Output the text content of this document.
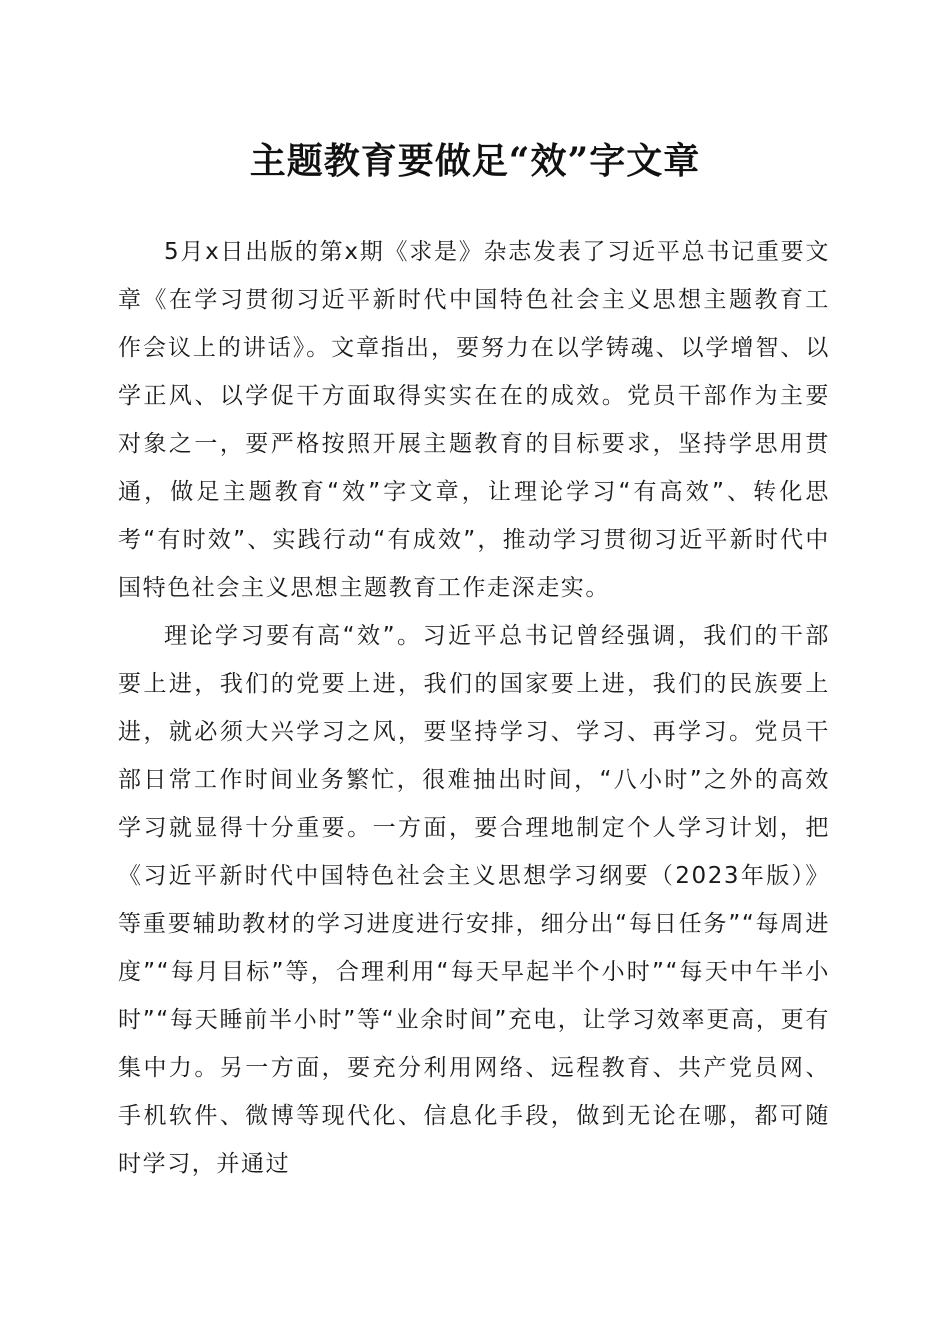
主题教育要做足“效”字文章

5月x日出版的第x期《求是》杂志发表了习近平总书记重要文章《在学习贯彻习近平新时代中国特色社会主义思想主题教育工作会议上的讲话》。文章指出，要努力在以学铸魂、以学增智、以学正风、以学促干方面取得实实在在的成效。党员干部作为主要对象之一，要严格按照开展主题教育的目标要求，坚持学思用贯通，做足主题教育“效”字文章，让理论学习“有高效”、转化思考“有时效”、实践行动“有成效”，推动学习贯彻习近平新时代中国特色社会主义思想主题教育工作走深走实。

理论学习要有高“效”。习近平总书记曾经强调，我们的干部要上进，我们的党要上进，我们的国家要上进，我们的民族要上进，就必须大兴学习之风，要坚持学习、学习、再学习。党员干部日常工作时间业务繁忙，很难抽出时间，“八小时”之外的高效学习就显得十分重要。一方面，要合理地制定个人学习计划，把《习近平新时代中国特色社会主义思想学习纲要（2023年版）》等重要辅助教材的学习进度进行安排，细分出“每日任务”“每周进度”“每月目标”等，合理利用“每天早起半个小时”“每天中午半小时”“每天睡前半小时”等“业余时间”充电，让学习效率更高，更有集中力。另一方面，要充分利用网络、远程教育、共产党员网、手机软件、微博等现代化、信息化手段，做到无论在哪，都可随时学习，并通过
